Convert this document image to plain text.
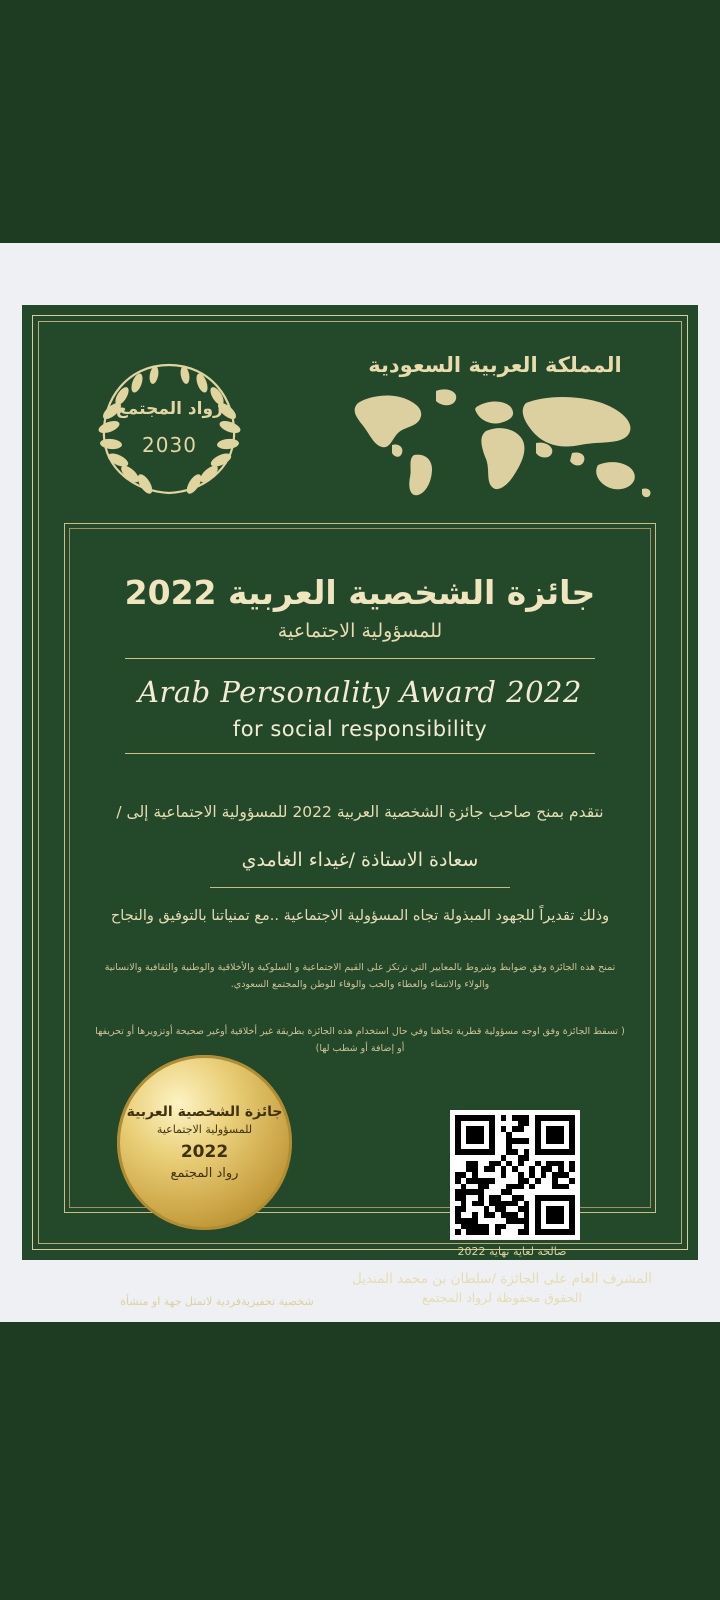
رواد المجتمع
2030
المملكة العربية السعودية
جائزة الشخصية العربية 2022
للمسؤولية الاجتماعية
Arab Personality Award 2022
for social responsibility
نتقدم بمنح صاحب جائزة الشخصية العربية 2022 للمسؤولية الاجتماعية إلى /
سعادة الاستاذة /غيداء الغامدي
وذلك تقديراً للجهود المبذولة تجاه المسؤولية الاجتماعية ..مع تمنياتنا بالتوفيق والنجاح
تمنح هذه الجائزة وفق ضوابط وشروط بالمعايير التي ترتكز على القيم الاجتماعية و السلوكية والأخلاقية والوطنية والثقافية والانسانية والولاء والانتماء والعطاء والحب والوفاء للوطن والمجتمع السعودي.
( تسقط الجائزة وفق اوجه مسؤولية قطرية تجاهنا وفي حال استخدام هذه الجائزة بطريقة غير أخلاقية أوغير صحيحة أوتزويرها أو تحريفها أو إضافة أو شطب لها)
جائزة الشخصية العربية
للمسؤولية الاجتماعية
2022
رواد المجتمع
صالحة لغاية نهاية 2022
المشرف العام على الجائزة /سلطان بن محمد المنديل
الحقوق محفوظة لرواد المجتمع
شخصية تحفيزيةفردية لاتمثل جهة او منشأة
